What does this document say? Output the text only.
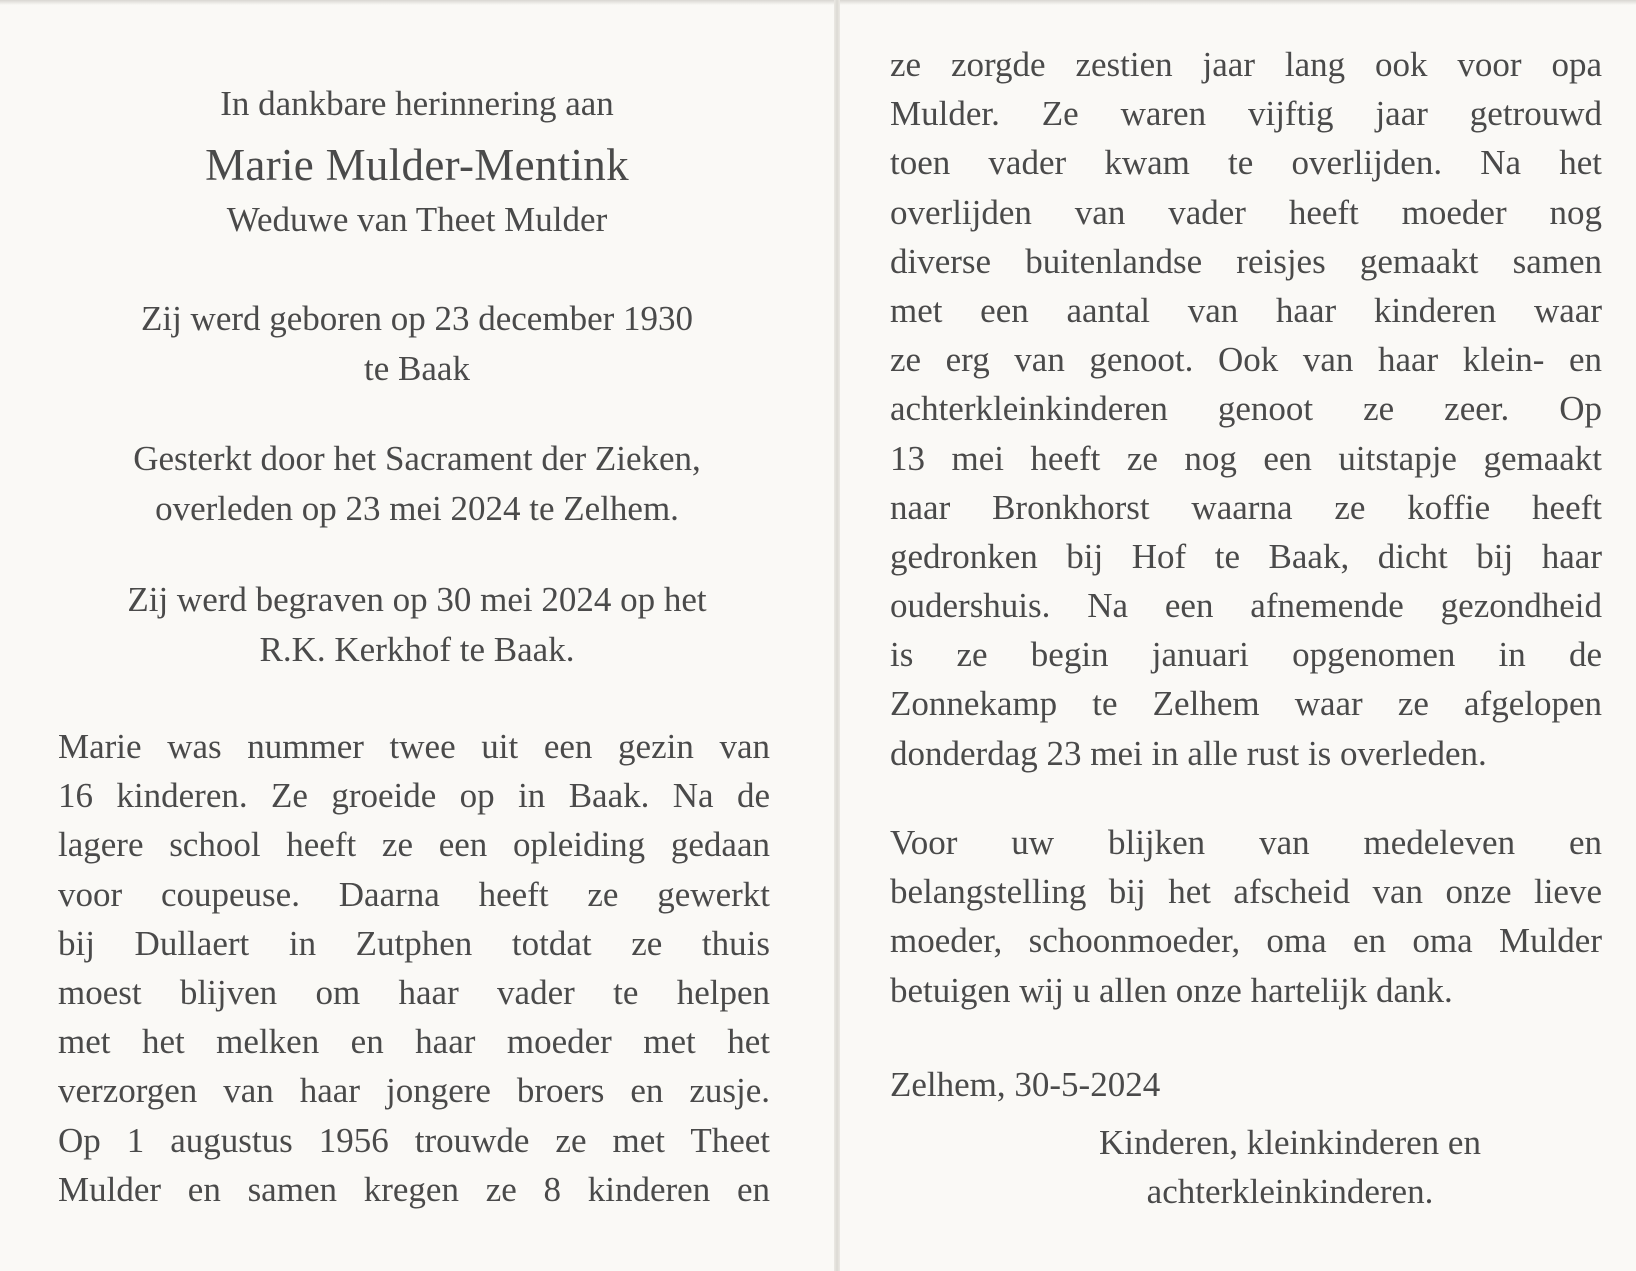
In dankbare herinnering aan

Marie Mulder-Mentink

Weduwe van Theet Mulder

Zij werd geboren op 23 december 1930
te Baak

Gesterkt door het Sacrament der Zieken,
overleden op 23 mei 2024 te Zelhem.

Zij werd begraven op 30 mei 2024 op het
R.K. Kerkhof te Baak.

Marie was nummer twee uit een gezin van
16 kinderen. Ze groeide op in Baak. Na de
lagere school heeft ze een opleiding gedaan
voor coupeuse. Daarna heeft ze gewerkt
bij Dullaert in Zutphen totdat ze thuis
moest blijven om haar vader te helpen
met het melken en haar moeder met het
verzorgen van haar jongere broers en zusje.
Op 1 augustus 1956 trouwde ze met Theet
Mulder en samen kregen ze 8 kinderen en
ze zorgde zestien jaar lang ook voor opa
Mulder. Ze waren vijftig jaar getrouwd
toen vader kwam te overlijden. Na het
overlijden van vader heeft moeder nog
diverse buitenlandse reisjes gemaakt samen
met een aantal van haar kinderen waar
ze erg van genoot. Ook van haar klein- en
achterkleinkinderen genoot ze zeer. Op
13 mei heeft ze nog een uitstapje gemaakt
naar Bronkhorst waarna ze koffie heeft
gedronken bij Hof te Baak, dicht bij haar
oudershuis. Na een afnemende gezondheid
is ze begin januari opgenomen in de
Zonnekamp te Zelhem waar ze afgelopen
donderdag 23 mei in alle rust is overleden.
Voor uw blijken van medeleven en
belangstelling bij het afscheid van onze lieve
moeder, schoonmoeder, oma en oma Mulder
betuigen wij u allen onze hartelijk dank.

Zelhem, 30-5-2024

Kinderen, kleinkinderen en
achterkleinkinderen.
